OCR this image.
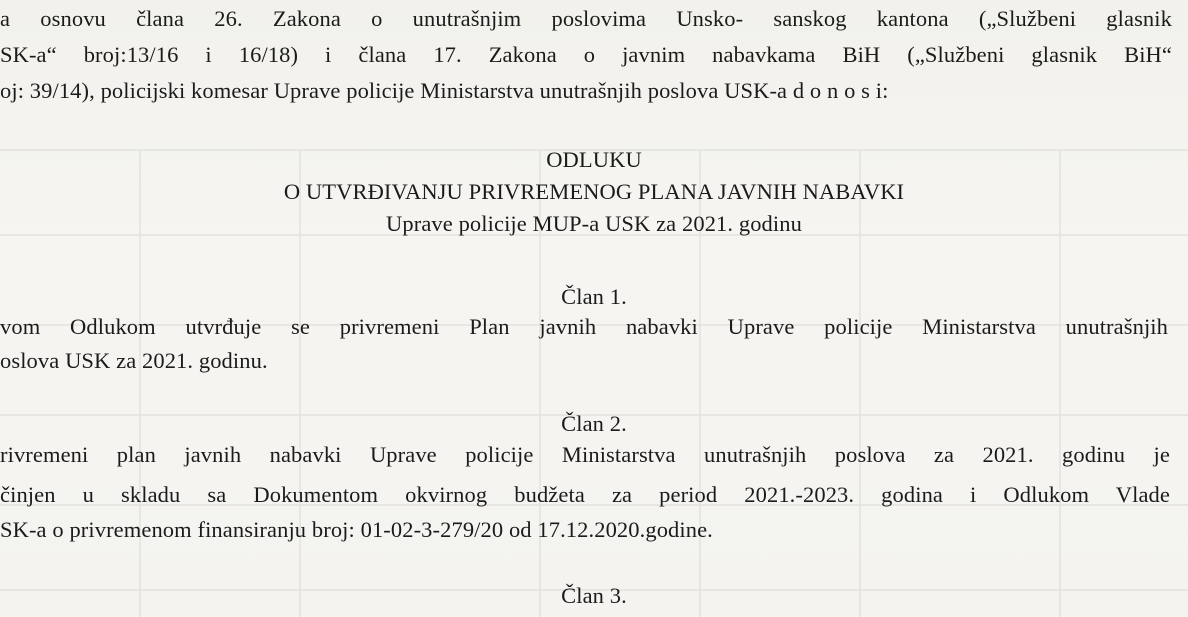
a osnovu člana 26. Zakona o unutrašnjim poslovima Unsko- sanskog kantona („Službeni glasnik
SK-a“ broj:13/16 i 16/18) i člana 17. Zakona o javnim nabavkama BiH („Službeni glasnik BiH“
oj: 39/14), policijski komesar Uprave policije Ministarstva unutrašnjih poslova USK-a d o n o s i:
ODLUKU
O UTVRĐIVANJU PRIVREMENOG PLANA JAVNIH NABAVKI
Uprave policije MUP-a USK za 2021. godinu
Član 1.
vom Odlukom utvrđuje se privremeni Plan javnih nabavki Uprave policije Ministarstva unutrašnjih
oslova USK za 2021. godinu.
Član 2.
rivremeni plan javnih nabavki Uprave policije Ministarstva unutrašnjih poslova za 2021. godinu je
činjen u skladu sa Dokumentom okvirnog budžeta za period 2021.-2023. godina i Odlukom Vlade
SK-a o privremenom finansiranju broj: 01-02-3-279/20 od 17.12.2020.godine.
Član 3.
